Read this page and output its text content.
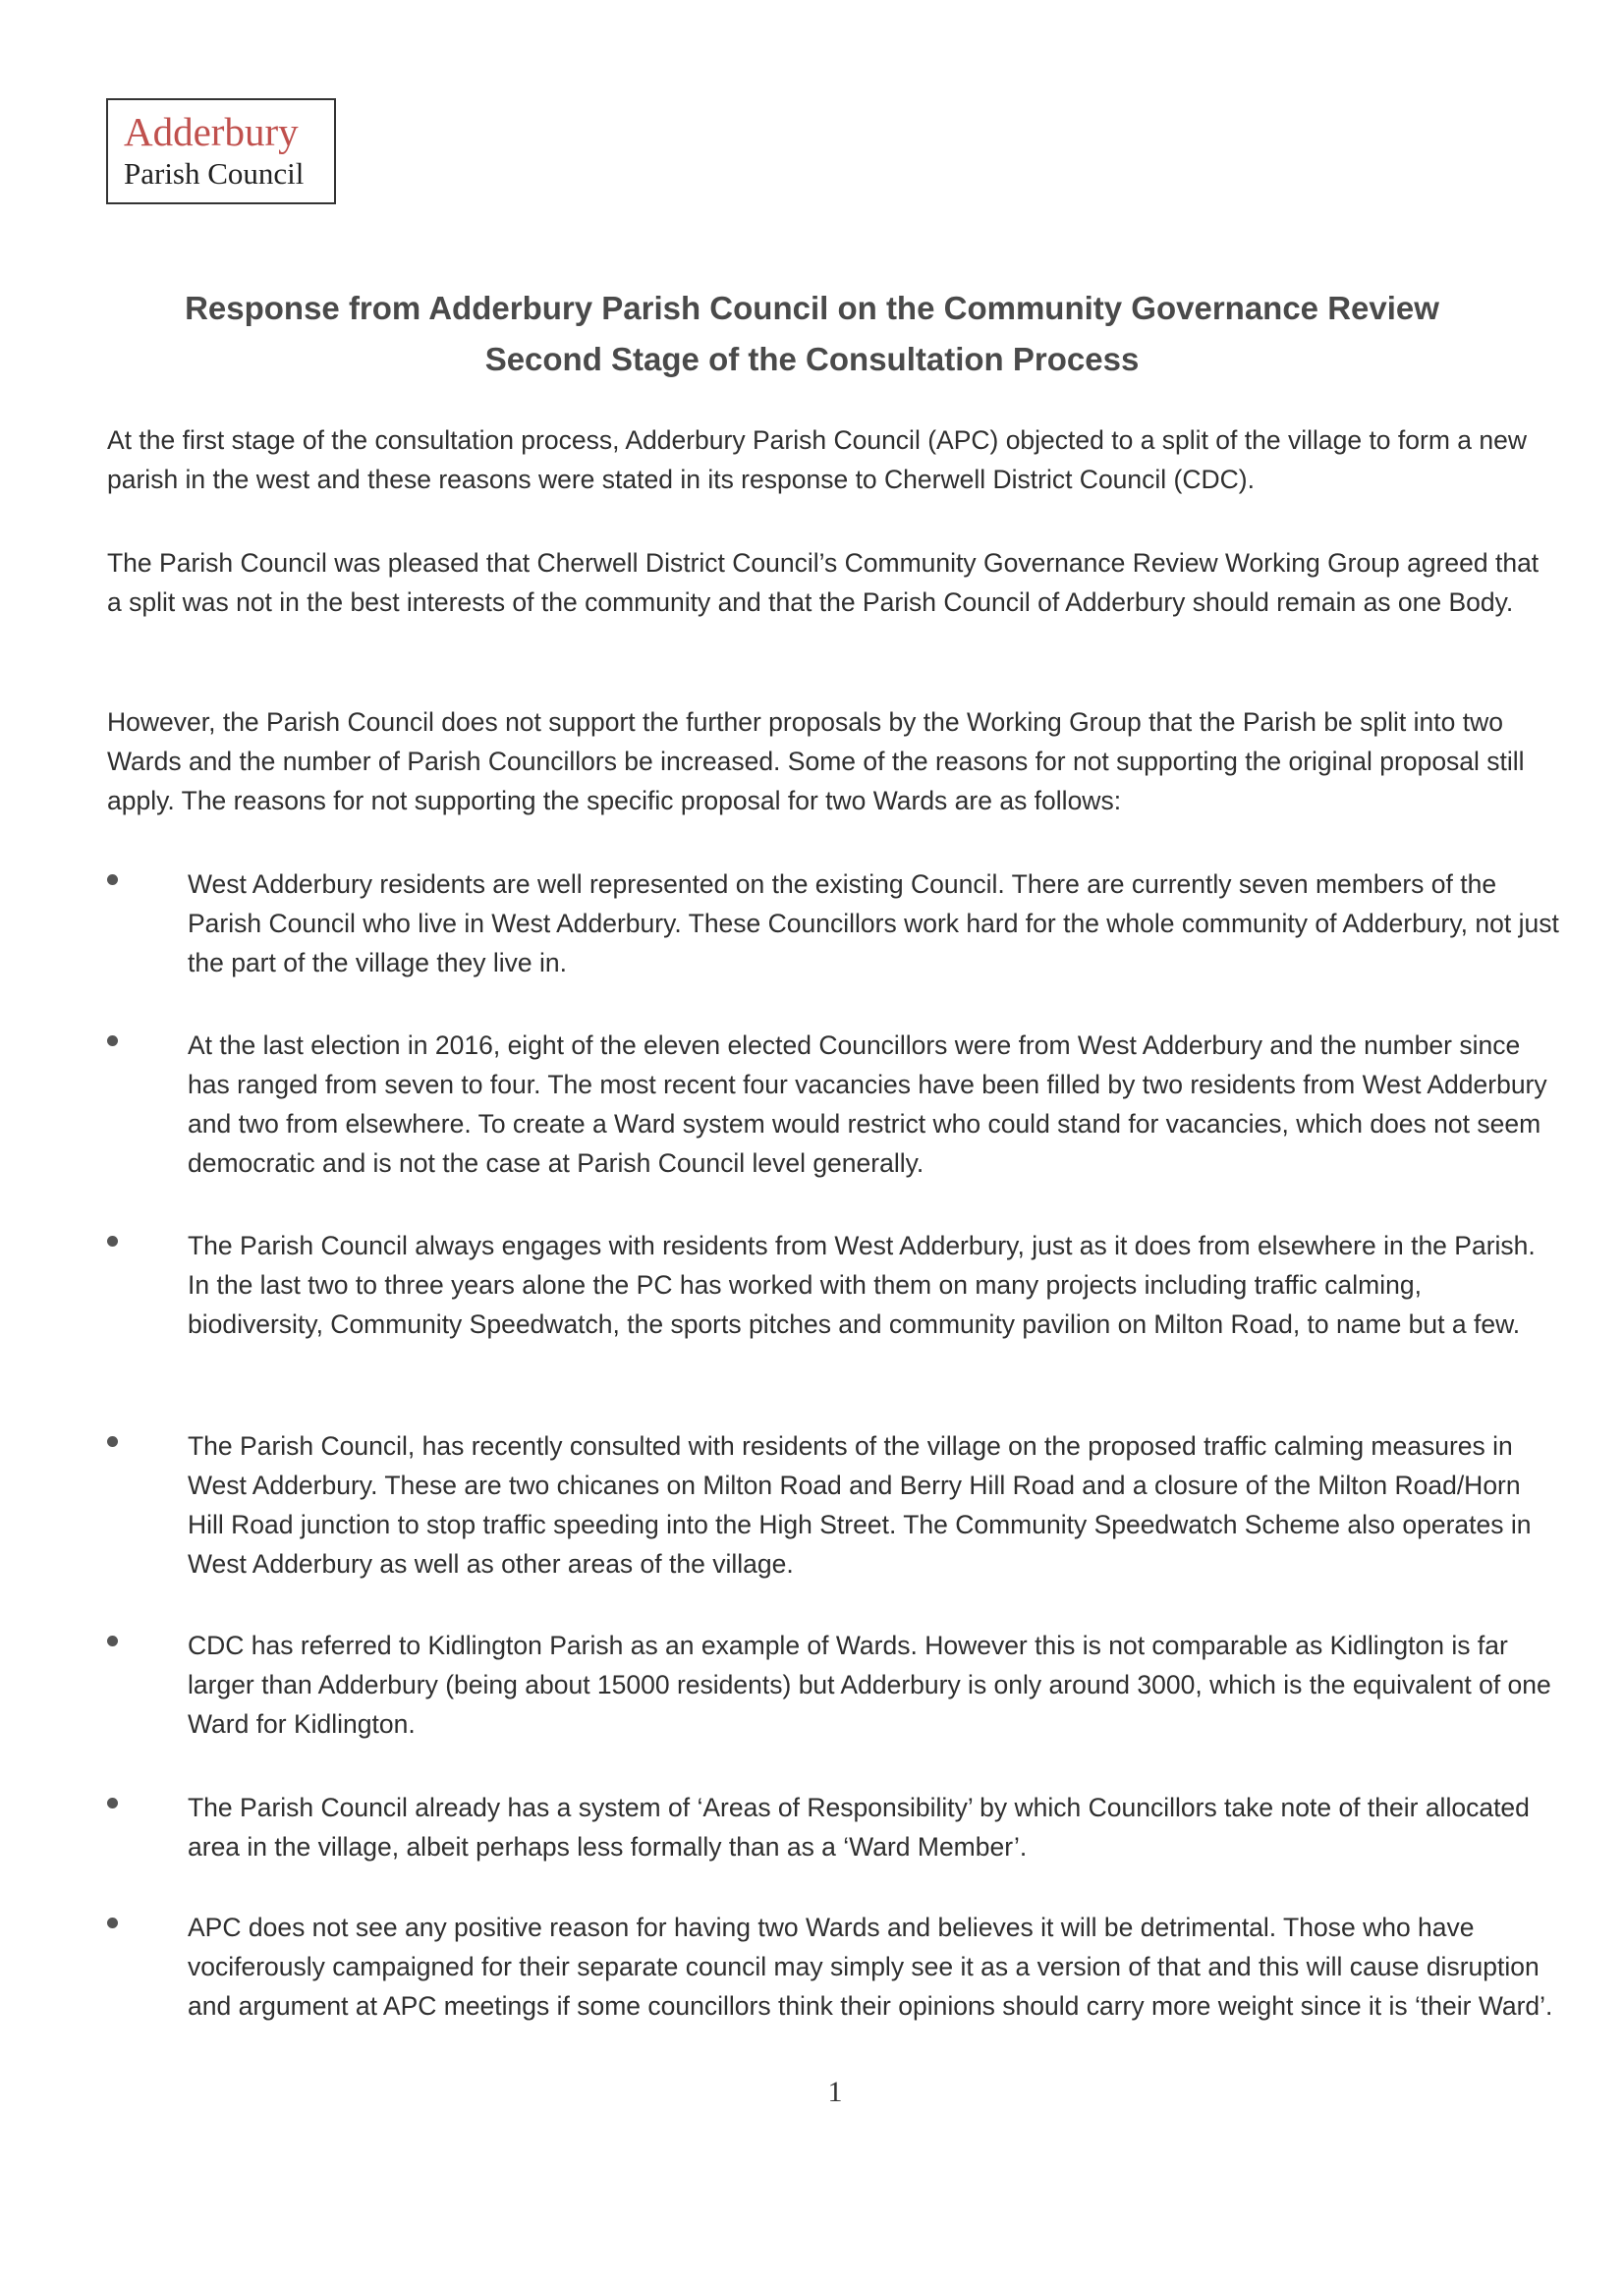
Adderbury
Parish Council
Response from Adderbury Parish Council on the Community Governance Review
Second Stage of the Consultation Process

At the first stage of the consultation process, Adderbury Parish Council (APC) objected to a split of the village to form a new parish in the west and these reasons were stated in its response to Cherwell District Council (CDC).

The Parish Council was pleased that Cherwell District Council’s Community Governance Review Working Group agreed that a split was not in the best interests of the community and that the Parish Council of Adderbury should remain as one Body.

However, the Parish Council does not support the further proposals by the Working Group that the Parish be split into two Wards and the number of Parish Councillors be increased. Some of the reasons for not supporting the original proposal still apply. The reasons for not supporting the specific proposal for two Wards are as follows:

West Adderbury residents are well represented on the existing Council. There are currently seven members of the Parish Council who live in West Adderbury. These Councillors work hard for the whole community of Adderbury, not just the part of the village they live in.
At the last election in 2016, eight of the eleven elected Councillors were from West Adderbury and the number since has ranged from seven to four. The most recent four vacancies have been filled by two residents from West Adderbury and two from elsewhere. To create a Ward system would restrict who could stand for vacancies, which does not seem democratic and is not the case at Parish Council level generally.
The Parish Council always engages with residents from West Adderbury, just as it does from elsewhere in the Parish. In the last two to three years alone the PC has worked with them on many projects including traffic calming, biodiversity, Community Speedwatch, the sports pitches and community pavilion on Milton Road, to name but a few.
The Parish Council, has recently consulted with residents of the village on the proposed traffic calming measures in West Adderbury. These are two chicanes on Milton Road and Berry Hill Road and a closure of the Milton Road/Horn Hill Road junction to stop traffic speeding into the High Street. The Community Speedwatch Scheme also operates in West Adderbury as well as other areas of the village.
CDC has referred to Kidlington Parish as an example of Wards. However this is not comparable as Kidlington is far larger than Adderbury (being about 15000 residents) but Adderbury is only around 3000, which is the equivalent of one Ward for Kidlington.
The Parish Council already has a system of ‘Areas of Responsibility’ by which Councillors take note of their allocated area in the village, albeit perhaps less formally than as a ‘Ward Member’.
APC does not see any positive reason for having two Wards and believes it will be detrimental. Those who have vociferously campaigned for their separate council may simply see it as a version of that and this will cause disruption and argument at APC meetings if some councillors think their opinions should carry more weight since it is ‘their Ward’.
1
